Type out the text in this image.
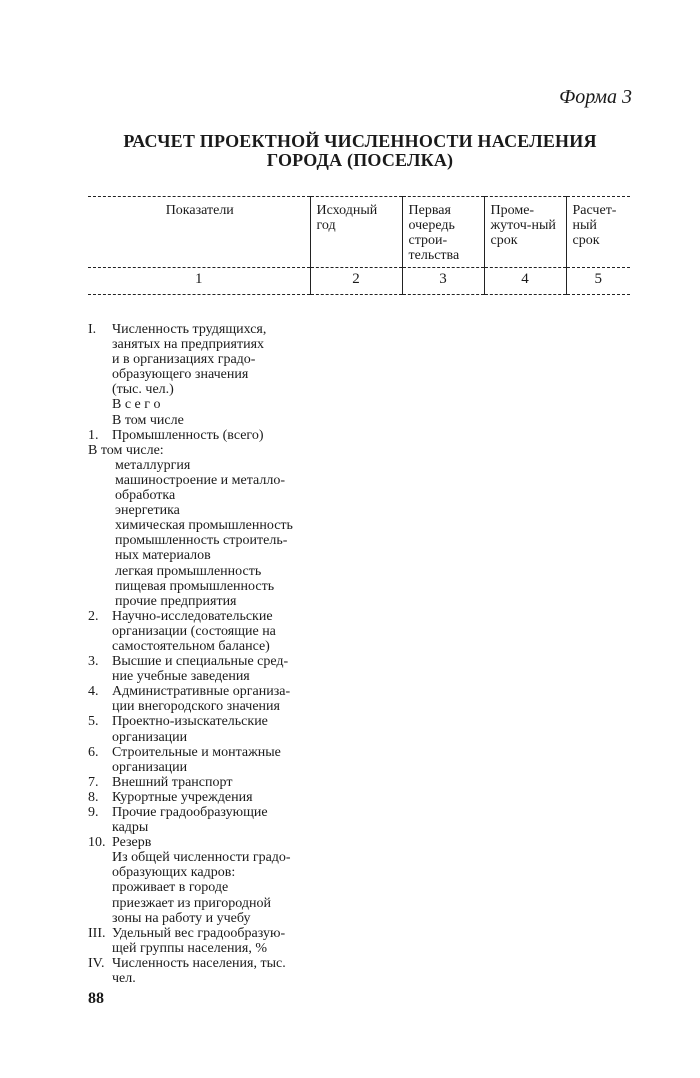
Форма 3
РАСЧЕТ ПРОЕКТНОЙ ЧИСЛЕННОСТИ НАСЕЛЕНИЯ
ГОРОДА (ПОСЕЛКА)
Показатели	Исходный год	Первая очередь строи-тельства	Проме-жуточ-ный срок	Расчет-ный срок
1	2	3	4	5
I. Численность трудящихся,
занятых на предприятиях
и в организациях градо-
образующего значения
(тыс. чел.)
В с е г о
В том числе
1. Промышленность (всего)
В том числе:
металлургия
машиностроение и металло-
обработка
энергетика
химическая промышленность
промышленность строитель-
ных материалов
легкая промышленность
пищевая промышленность
прочие предприятия
2. Научно-исследовательские
организации (состоящие на
самостоятельном балансе)
3. Высшие и специальные сред-
ние учебные заведения
4. Административные организа-
ции внегородского значения
5. Проектно-изыскательские
организации
6. Строительные и монтажные
организации
7. Внешний транспорт
8. Курортные учреждения
9. Прочие градообразующие
кадры
10. Резерв
Из общей численности градо-
образующих кадров:
проживает в городе
приезжает из пригородной
зоны на работу и учебу
III. Удельный вес градообразую-
щей группы населения, %
IV. Численность населения, тыс.
чел.
88
